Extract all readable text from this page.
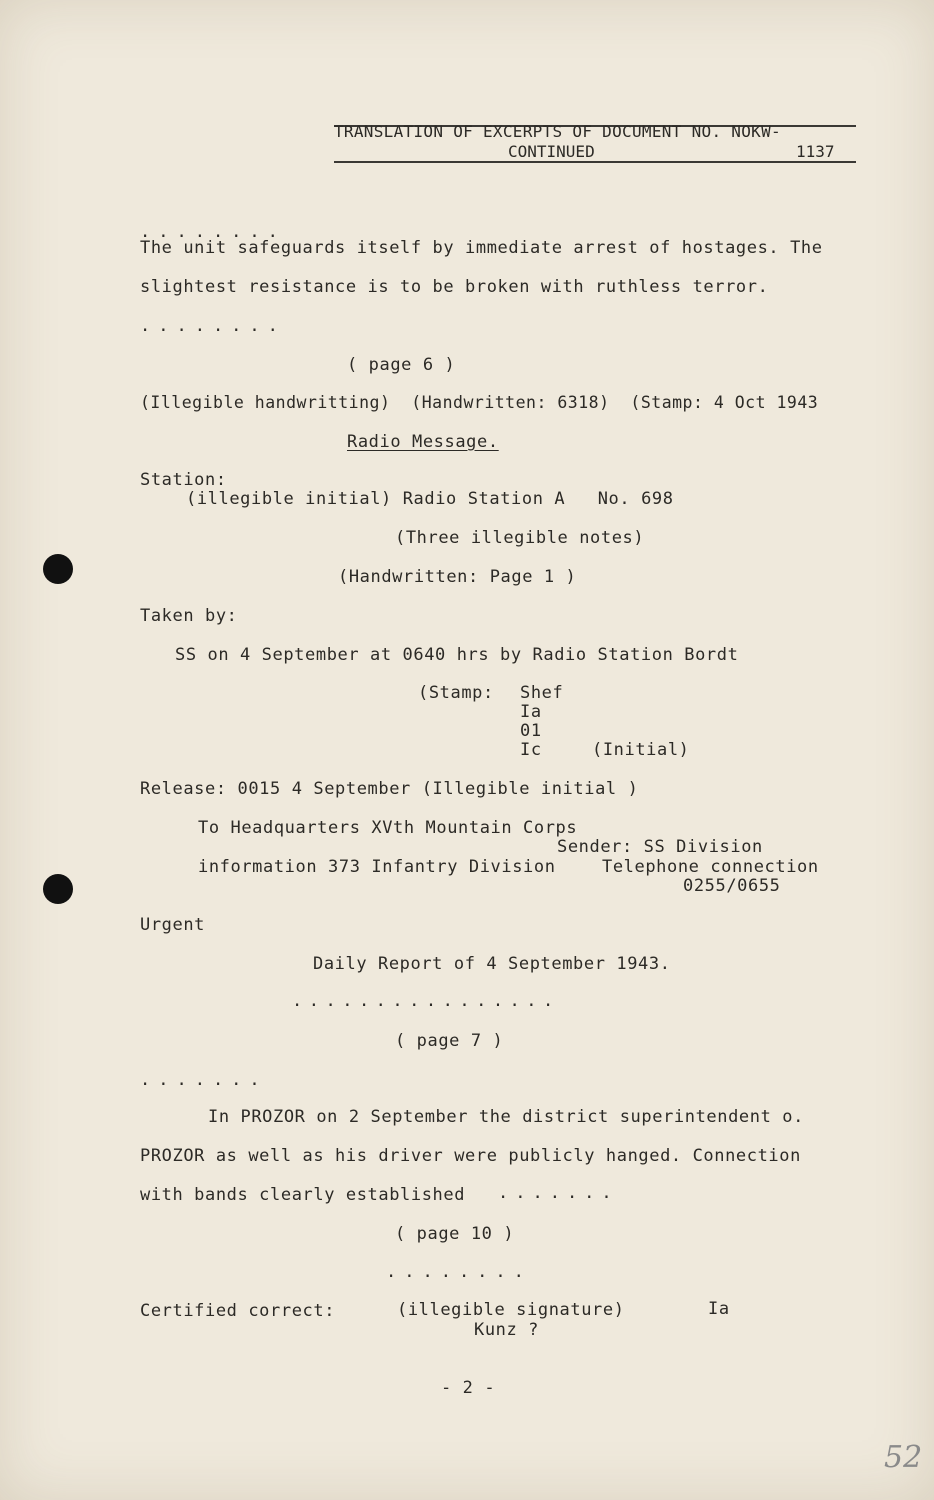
TRANSLATION OF EXCERPTS OF DOCUMENT NO. NOKW-
CONTINUED	1137
........
The unit safeguards itself by immediate arrest of hostages. The
slightest resistance is to be broken with ruthless terror.
........
( page 6 )
(Illegible handwritting)  (Handwritten: 6318)  (Stamp: 4 Oct 1943
Radio Message.
Station:
(illegible initial) Radio Station A   No. 698
(Three illegible notes)
(Handwritten: Page 1 )
Taken by:
SS on 4 September at 0640 hrs by Radio Station Bordt
(Stamp: Shef
Ia
01
Ic	(Initial)
Release: 0015 4 September (Illegible initial )
To Headquarters XVth Mountain Corps
Sender: SS Division
information 373 Infantry Division	Telephone connection
0255/0655
Urgent
Daily Report of 4 September 1943.
................
( page 7 )
.......
In PROZOR on 2 September the district superintendent o.
PROZOR as well as his driver were publicly hanged. Connection
with bands clearly established .......
( page 10 )
........
Certified correct:	(illegible signature)	Ia
Kunz ?
- 2 -
52
